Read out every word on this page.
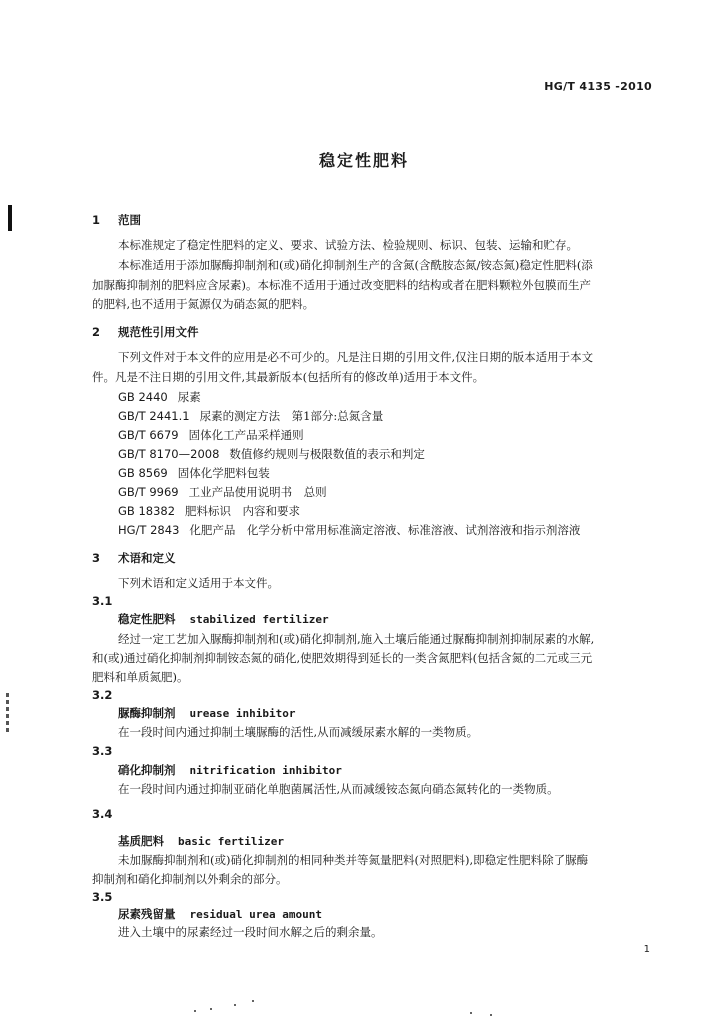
HG/T 4135 -2010
稳定性肥料
1 范围
本标准规定了稳定性肥料的定义、要求、试验方法、检验规则、标识、包装、运输和贮存。
本标准适用于添加脲酶抑制剂和(或)硝化抑制剂生产的含氮(含酰胺态氮/铵态氮)稳定性肥料(添
加脲酶抑制剂的肥料应含尿素)。本标准不适用于通过改变肥料的结构或者在肥料颗粒外包膜而生产
的肥料,也不适用于氮源仅为硝态氮的肥料。
2 规范性引用文件
下列文件对于本文件的应用是必不可少的。凡是注日期的引用文件,仅注日期的版本适用于本文
件。凡是不注日期的引用文件,其最新版本(包括所有的修改单)适用于本文件。
GB 2440 尿素
GB/T 2441.1 尿素的测定方法　第1部分:总氮含量
GB/T 6679 固体化工产品采样通则
GB/T 8170—2008 数值修约规则与极限数值的表示和判定
GB 8569 固体化学肥料包装
GB/T 9969 工业产品使用说明书　总则
GB 18382 肥料标识　内容和要求
HG/T 2843 化肥产品　化学分析中常用标准滴定溶液、标准溶液、试剂溶液和指示剂溶液
3 术语和定义
下列术语和定义适用于本文件。
3.1
稳定性肥料 stabilized fertilizer
经过一定工艺加入脲酶抑制剂和(或)硝化抑制剂,施入土壤后能通过脲酶抑制剂抑制尿素的水解,
和(或)通过硝化抑制剂抑制铵态氮的硝化,使肥效期得到延长的一类含氮肥料(包括含氮的二元或三元
肥料和单质氮肥)。
3.2
脲酶抑制剂 urease inhibitor
在一段时间内通过抑制土壤脲酶的活性,从而减缓尿素水解的一类物质。
3.3
硝化抑制剂 nitrification inhibitor
在一段时间内通过抑制亚硝化单胞菌属活性,从而减缓铵态氮向硝态氮转化的一类物质。
3.4
基质肥料 basic fertilizer
未加脲酶抑制剂和(或)硝化抑制剂的相同种类并等氮量肥料(对照肥料),即稳定性肥料除了脲酶
抑制剂和硝化抑制剂以外剩余的部分。
3.5
尿素残留量 residual urea amount
进入土壤中的尿素经过一段时间水解之后的剩余量。
1
